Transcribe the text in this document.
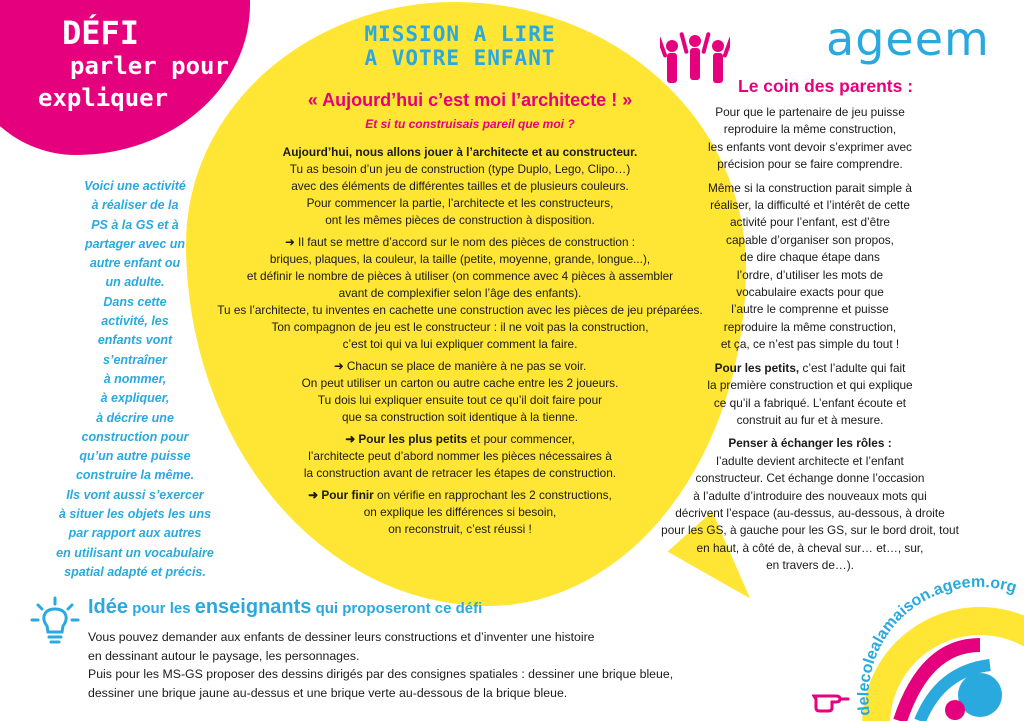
DÉFI
parler pour
expliquer
MISSION A LIRE
A VOTRE ENFANT
« Aujourd’hui c’est moi l’architecte ! »
Et si tu construisais pareil que moi ?

Aujourd’hui, nous allons jouer à l’architecte et au constructeur.
Tu as besoin d’un jeu de construction (type Duplo, Lego, Clipo…)
avec des éléments de différentes tailles et de plusieurs couleurs.
Pour commencer la partie, l’architecte et les constructeurs,
ont les mêmes pièces de construction à disposition.

➜ Il faut se mettre d’accord sur le nom des pièces de construction :
briques, plaques, la couleur, la taille (petite, moyenne, grande, longue...),
et définir le nombre de pièces à utiliser (on commence avec 4 pièces à assembler
avant de complexifier selon l’âge des enfants).
Tu es l’architecte, tu inventes en cachette une construction avec les pièces de jeu préparées.
Ton compagnon de jeu est le constructeur : il ne voit pas la construction,
c’est toi qui va lui expliquer comment la faire.

➜ Chacun se place de manière à ne pas se voir.
On peut utiliser un carton ou autre cache entre les 2 joueurs.
Tu dois lui expliquer ensuite tout ce qu’il doit faire pour
que sa construction soit identique à la tienne.

➜ Pour les plus petits et pour commencer,
l’architecte peut d’abord nommer les pièces nécessaires à
la construction avant de retracer les étapes de construction.

➜ Pour finir on vérifie en rapprochant les 2 constructions,
on explique les différences si besoin,
on reconstruit, c’est réussi !

Voici une activité
à réaliser de la
PS à la GS et à
partager avec un
autre enfant ou
un adulte.
Dans cette
activité, les
enfants vont
s’entraîner
à nommer,
à expliquer,
à décrire une
construction pour
qu’un autre puisse
construire la même.
Ils vont aussi s’exercer
à situer les objets les uns
par rapport aux autres
en utilisant un vocabulaire
spatial adapté et précis.
ageem
Le coin des parents :

Pour que le partenaire de jeu puisse
reproduire la même construction,
les enfants vont devoir s’exprimer avec
précision pour se faire comprendre.

Même si la construction parait simple à
réaliser, la difficulté et l’intérêt de cette
activité pour l’enfant, est d’être
capable d’organiser son propos,
de dire chaque étape dans
l’ordre, d’utiliser les mots de
vocabulaire exacts pour que
l’autre le comprenne et puisse
reproduire la même construction,
et ça, ce n’est pas simple du tout !

Pour les petits, c’est l’adulte qui fait
la première construction et qui explique
ce qu’il a fabriqué. L’enfant écoute et
construit au fur et à mesure.

Penser à échanger les rôles :
l’adulte devient architecte et l’enfant
constructeur. Cet échange donne l’occasion
à l’adulte d’introduire des nouveaux mots qui
décrivent l’espace (au-dessus, au-dessous, à droite
pour les GS, à gauche pour les GS, sur le bord droit, tout
en haut, à côté de, à cheval sur… et…, sur,
en travers de…).

Idée pour les enseignants qui proposeront ce défi
Vous pouvez demander aux enfants de dessiner leurs constructions et d’inventer une histoire
en dessinant autour le paysage, les personnages.
Puis pour les MS-GS proposer des dessins dirigés par des consignes spatiales : dessiner une brique bleue,
dessiner une brique jaune au-dessus et une brique verte au-dessous de la brique bleue.
delecolealamaison.ageem.org
